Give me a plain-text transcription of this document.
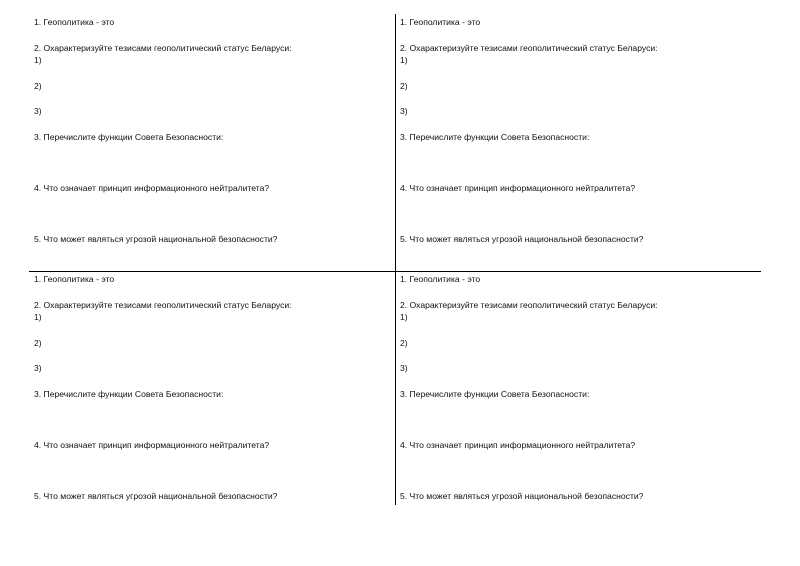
1. Геополитика - это
2. Охарактеризуйте тезисами геополитический статус Беларуси:
1)
2)
3)
3. Перечислите функции Совета Безопасности:
4. Что означает принцип информационного нейтралитета?
5. Что может являться угрозой национальной безопасности?
1. Геополитика - это
2. Охарактеризуйте тезисами геополитический статус Беларуси:
1)
2)
3)
3. Перечислите функции Совета Безопасности:
4. Что означает принцип информационного нейтралитета?
5. Что может являться угрозой национальной безопасности?
1. Геополитика - это
2. Охарактеризуйте тезисами геополитический статус Беларуси:
1)
2)
3)
3. Перечислите функции Совета Безопасности:
4. Что означает принцип информационного нейтралитета?
5. Что может являться угрозой национальной безопасности?
1. Геополитика - это
2. Охарактеризуйте тезисами геополитический статус Беларуси:
1)
2)
3)
3. Перечислите функции Совета Безопасности:
4. Что означает принцип информационного нейтралитета?
5. Что может являться угрозой национальной безопасности?
